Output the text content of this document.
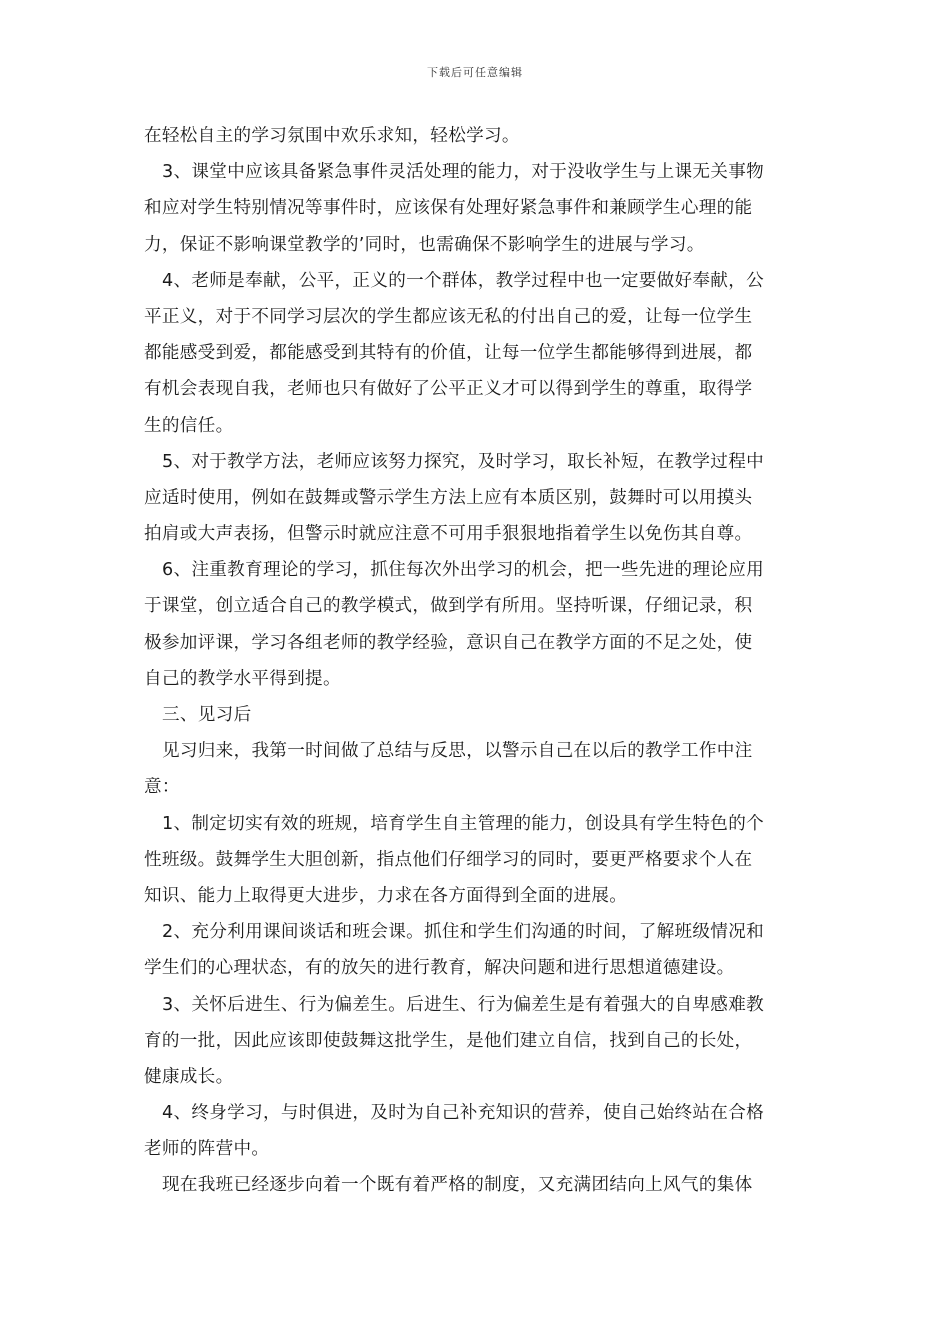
下载后可任意编辑
在轻松自主的学习氛围中欢乐求知，轻松学习。
3、课堂中应该具备紧急事件灵活处理的能力，对于没收学生与上课无关事物
和应对学生特别情况等事件时，应该保有处理好紧急事件和兼顾学生心理的能
力，保证不影响课堂教学的’同时，也需确保不影响学生的进展与学习。
4、老师是奉献，公平，正义的一个群体，教学过程中也一定要做好奉献，公
平正义，对于不同学习层次的学生都应该无私的付出自己的爱，让每一位学生
都能感受到爱，都能感受到其特有的价值，让每一位学生都能够得到进展，都
有机会表现自我，老师也只有做好了公平正义才可以得到学生的尊重，取得学
生的信任。
5、对于教学方法，老师应该努力探究，及时学习，取长补短，在教学过程中
应适时使用，例如在鼓舞或警示学生方法上应有本质区别，鼓舞时可以用摸头
拍肩或大声表扬，但警示时就应注意不可用手狠狠地指着学生以免伤其自尊。
6、注重教育理论的学习，抓住每次外出学习的机会，把一些先进的理论应用
于课堂，创立适合自己的教学模式，做到学有所用。坚持听课，仔细记录，积
极参加评课，学习各组老师的教学经验，意识自己在教学方面的不足之处，使
自己的教学水平得到提。
三、见习后
见习归来，我第一时间做了总结与反思，以警示自己在以后的教学工作中注
意：
1、制定切实有效的班规，培育学生自主管理的能力，创设具有学生特色的个
性班级。鼓舞学生大胆创新，指点他们仔细学习的同时，要更严格要求个人在
知识、能力上取得更大进步，力求在各方面得到全面的进展。
2、充分利用课间谈话和班会课。抓住和学生们沟通的时间，了解班级情况和
学生们的心理状态，有的放矢的进行教育，解决问题和进行思想道德建设。
3、关怀后进生、行为偏差生。后进生、行为偏差生是有着强大的自卑感难教
育的一批，因此应该即使鼓舞这批学生，是他们建立自信，找到自己的长处，
健康成长。
4、终身学习，与时俱进，及时为自己补充知识的营养，使自己始终站在合格
老师的阵营中。
现在我班已经逐步向着一个既有着严格的制度，又充满团结向上风气的集体
